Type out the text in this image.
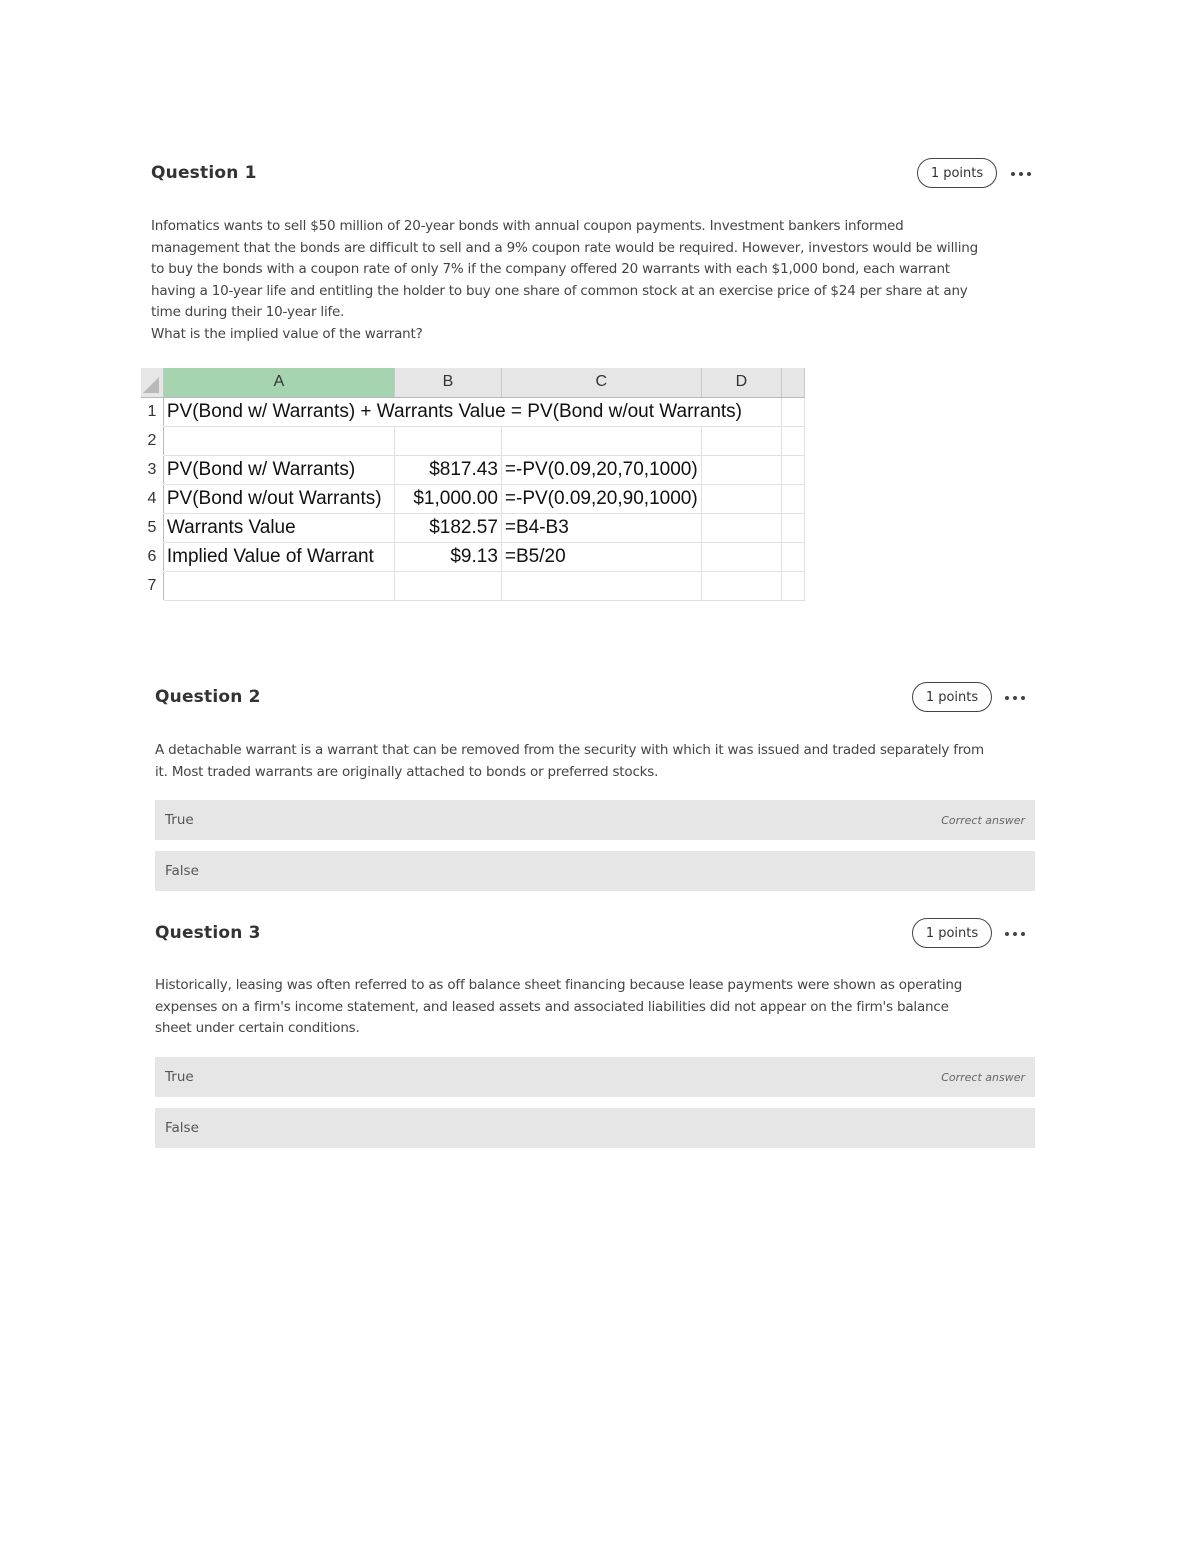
Question 1	1 points
Infomatics wants to sell $50 million of 20-year bonds with annual coupon payments. Investment bankers informed
management that the bonds are difficult to sell and a 9% coupon rate would be required. However, investors would be willing
to buy the bonds with a coupon rate of only 7% if the company offered 20 warrants with each $1,000 bond, each warrant
having a 10-year life and entitling the holder to buy one share of common stock at an exercise price of $24 per share at any
time during their 10-year life.
What is the implied value of the warrant?
	A	B	C	D	
1	PV(Bond w/ Warrants) + Warrants Value = PV(Bond w/out Warrants)				
2					
3	PV(Bond w/ Warrants)	$817.43	=-PV(0.09,20,70,1000)		
4	PV(Bond w/out Warrants)	$1,000.00	=-PV(0.09,20,90,1000)		
5	Warrants Value	$182.57	=B4-B3		
6	Implied Value of Warrant	$9.13	=B5/20		
7					
Question 2	1 points
A detachable warrant is a warrant that can be removed from the security with which it was issued and traded separately from
it. Most traded warrants are originally attached to bonds or preferred stocks.
True	Correct answer
False
Question 3	1 points
Historically, leasing was often referred to as off balance sheet financing because lease payments were shown as operating
expenses on a firm's income statement, and leased assets and associated liabilities did not appear on the firm's balance
sheet under certain conditions.
True	Correct answer
False
